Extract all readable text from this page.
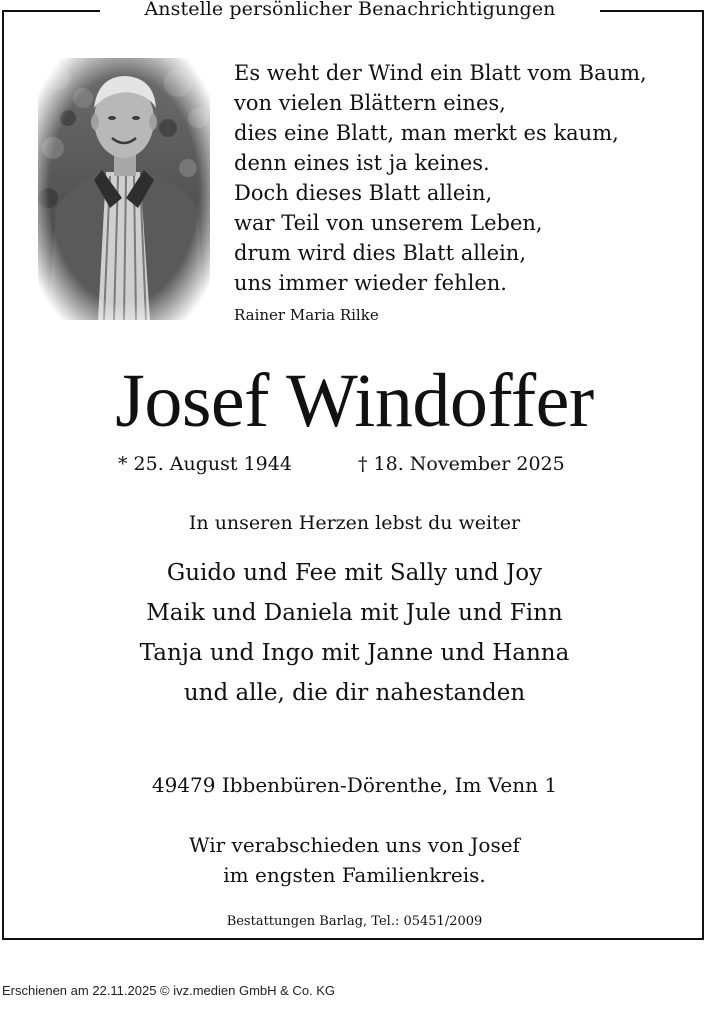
Anstelle persönlicher Benachrichtigungen
Es weht der Wind ein Blatt vom Baum,
von vielen Blättern eines,
dies eine Blatt, man merkt es kaum,
denn eines ist ja keines.
Doch dieses Blatt allein,
war Teil von unserem Leben,
drum wird dies Blatt allein,
uns immer wieder fehlen.
Rainer Maria Rilke
Josef Windoffer
* 25. August 1944	† 18. November 2025
In unseren Herzen lebst du weiter
Guido und Fee mit Sally und Joy
Maik und Daniela mit Jule und Finn
Tanja und Ingo mit Janne und Hanna
und alle, die dir nahestanden
49479 Ibbenbüren-Dörenthe, Im Venn 1
Wir verabschieden uns von Josef
im engsten Familienkreis.
Bestattungen Barlag, Tel.: 05451/2009
Erschienen am 22.11.2025 © ivz.medien GmbH & Co. KG
